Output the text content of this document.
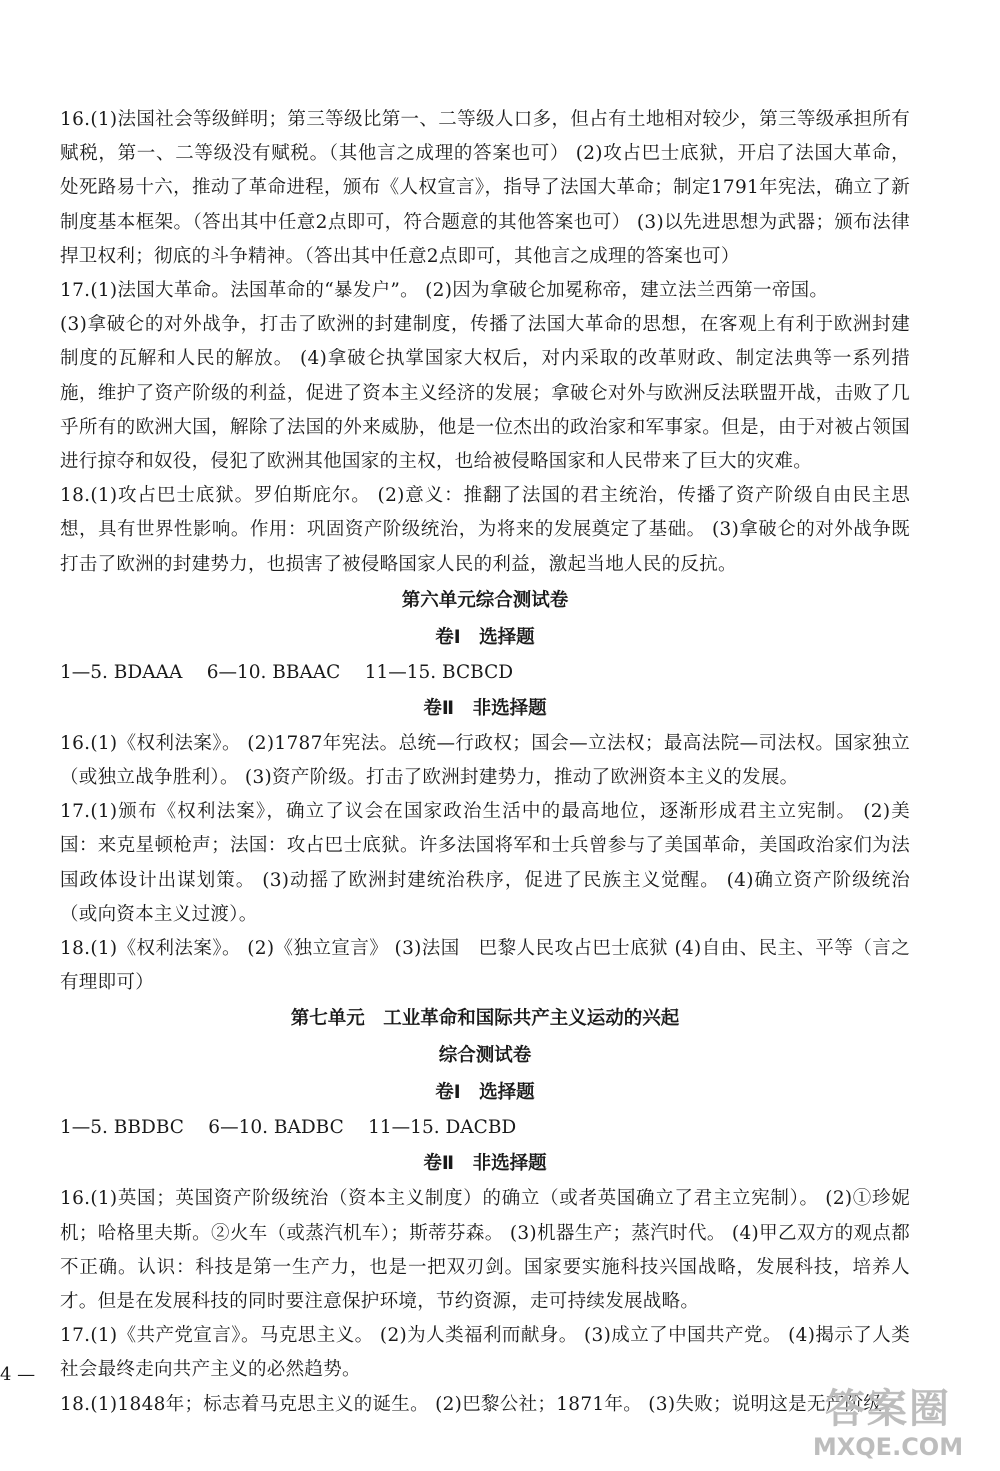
16.(1)法国社会等级鲜明；第三等级比第一、二等级人口多，但占有土地相对较少，第三等级承担所有赋税，第一、二等级没有赋税。（其他言之成理的答案也可） (2)攻占巴士底狱，开启了法国大革命，处死路易十六，推动了革命进程，颁布《人权宣言》，指导了法国大革命；制定1791年宪法，确立了新制度基本框架。（答出其中任意2点即可，符合题意的其他答案也可） (3)以先进思想为武器；颁布法律捍卫权利；彻底的斗争精神。（答出其中任意2点即可，其他言之成理的答案也可）

17.(1)法国大革命。法国革命的“暴发户”。 (2)因为拿破仑加冕称帝，建立法兰西第一帝国。

(3)拿破仑的对外战争，打击了欧洲的封建制度，传播了法国大革命的思想，在客观上有利于欧洲封建制度的瓦解和人民的解放。 (4)拿破仑执掌国家大权后，对内采取的改革财政、制定法典等一系列措施，维护了资产阶级的利益，促进了资本主义经济的发展；拿破仑对外与欧洲反法联盟开战，击败了几乎所有的欧洲大国，解除了法国的外来威胁，他是一位杰出的政治家和军事家。但是，由于对被占领国进行掠夺和奴役，侵犯了欧洲其他国家的主权，也给被侵略国家和人民带来了巨大的灾难。

18.(1)攻占巴士底狱。罗伯斯庇尔。 (2)意义：推翻了法国的君主统治，传播了资产阶级自由民主思想，具有世界性影响。作用：巩固资产阶级统治，为将来的发展奠定了基础。 (3)拿破仑的对外战争既打击了欧洲的封建势力，也损害了被侵略国家人民的利益，激起当地人民的反抗。

第六单元综合测试卷
卷Ⅰ　选择题

1—5. BDAAA　 6—10. BBAAC　 11—15. BCBCD

卷Ⅱ　非选择题

16.(1)《权利法案》。 (2)1787年宪法。总统—行政权；国会—立法权；最高法院—司法权。国家独立（或独立战争胜利）。 (3)资产阶级。打击了欧洲封建势力，推动了欧洲资本主义的发展。

17.(1)颁布《权利法案》，确立了议会在国家政治生活中的最高地位，逐渐形成君主立宪制。 (2)美国：来克星顿枪声；法国：攻占巴士底狱。许多法国将军和士兵曾参与了美国革命，美国政治家们为法国政体设计出谋划策。 (3)动摇了欧洲封建统治秩序，促进了民族主义觉醒。 (4)确立资产阶级统治（或向资本主义过渡）。

18.(1)《权利法案》。 (2)《独立宣言》 (3)法国　巴黎人民攻占巴士底狱 (4)自由、民主、平等（言之有理即可）

第七单元　工业革命和国际共产主义运动的兴起
综合测试卷
卷Ⅰ　选择题

1—5. BBDBC　 6—10. BADBC　 11—15. DACBD

卷Ⅱ　非选择题

16.(1)英国；英国资产阶级统治（资本主义制度）的确立（或者英国确立了君主立宪制）。 (2)①珍妮机；哈格里夫斯。②火车（或蒸汽机车）；斯蒂芬森。 (3)机器生产；蒸汽时代。 (4)甲乙双方的观点都不正确。认识：科技是第一生产力，也是一把双刃剑。国家要实施科技兴国战略，发展科技，培养人才。但是在发展科技的同时要注意保护环境，节约资源，走可持续发展战略。

17.(1)《共产党宣言》。马克思主义。 (2)为人类福利而献身。 (3)成立了中国共产党。 (4)揭示了人类社会最终走向共产主义的必然趋势。

18.(1)1848年；标志着马克思主义的诞生。 (2)巴黎公社；1871年。 (3)失败；说明这是无产阶级

4 —
答案圈
MXQE.COM
